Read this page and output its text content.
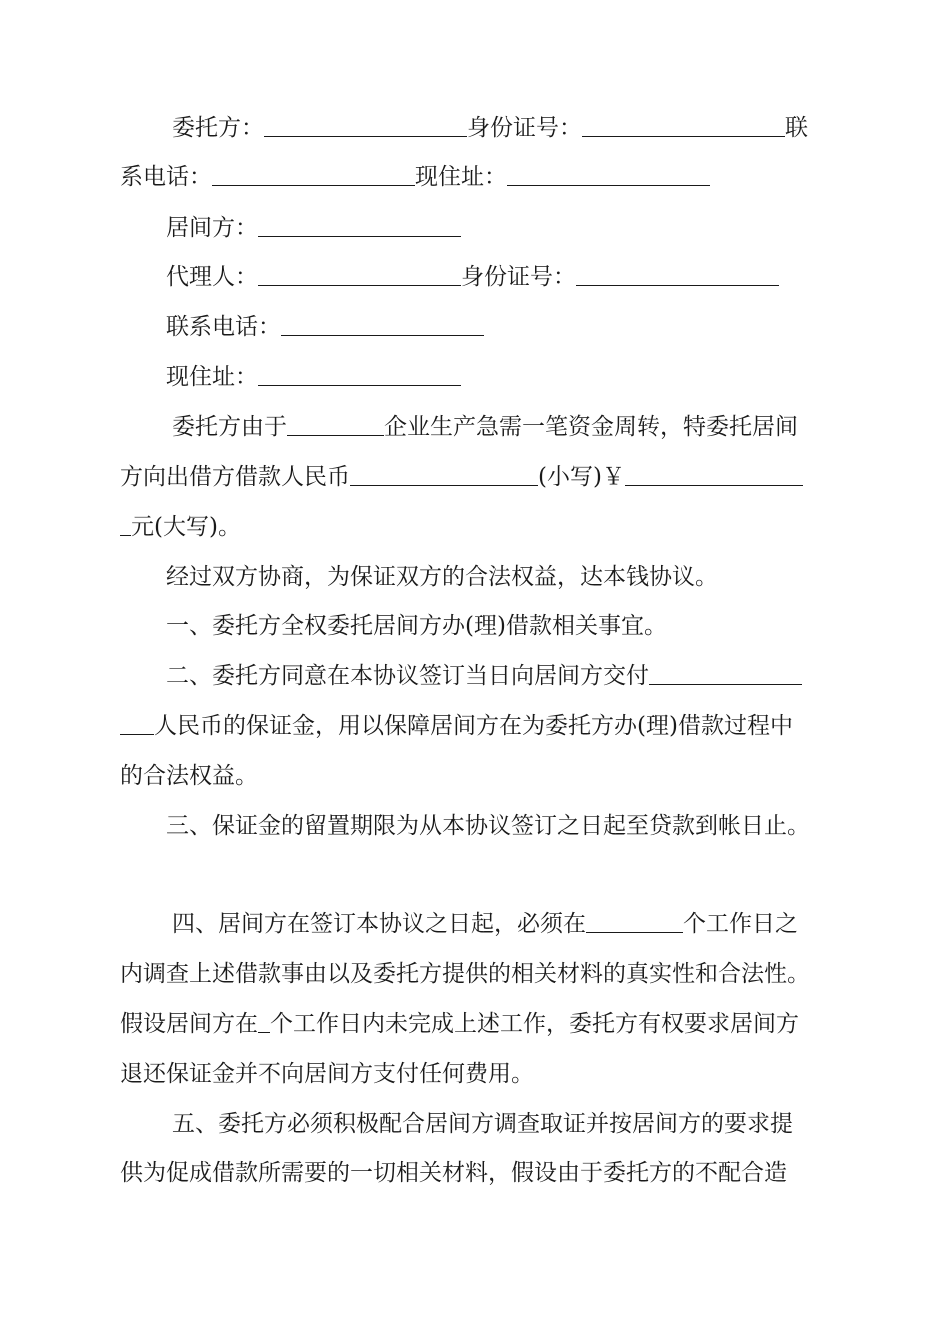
委托方：	身份证号：	联
系电话：	现住址：
居间方：
代理人：	身份证号：
联系电话：
现住址：
委托方由于	企业生产急需一笔资金周转，特委托居间
方向出借方借款人民币	(小写)￥
元(大写)。
经过双方协商，为保证双方的合法权益，达本钱协议。
一、委托方全权委托居间方办(理)借款相关事宜。
二、委托方同意在本协议签订当日向居间方交付
人民币的保证金，用以保障居间方在为委托方办(理)借款过程中
的合法权益。
三、保证金的留置期限为从本协议签订之日起至贷款到帐日止。
四、居间方在签订本协议之日起，必须在	个工作日之
内调查上述借款事由以及委托方提供的相关材料的真实性和合法性。
假设居间方在 个工作日内未完成上述工作，委托方有权要求居间方
退还保证金并不向居间方支付任何费用。
五、委托方必须积极配合居间方调查取证并按居间方的要求提
供为促成借款所需要的一切相关材料，假设由于委托方的不配合造
